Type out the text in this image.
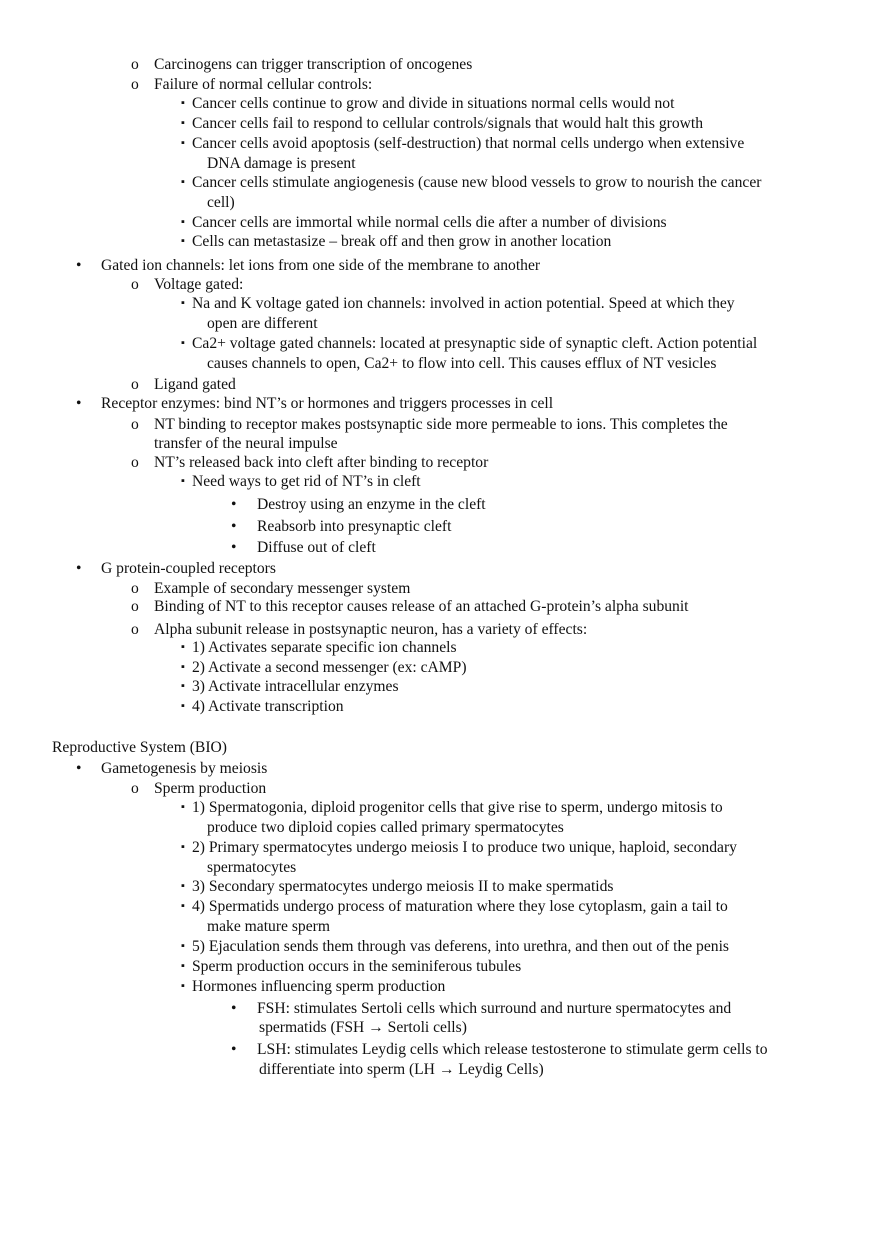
o Carcinogens can trigger transcription of oncogenes
o Failure of normal cellular controls:
▪ Cancer cells continue to grow and divide in situations normal cells would not
▪ Cancer cells fail to respond to cellular controls/signals that would halt this growth
▪ Cancer cells avoid apoptosis (self-destruction) that normal cells undergo when extensive
DNA damage is present
▪ Cancer cells stimulate angiogenesis (cause new blood vessels to grow to nourish the cancer
cell)
▪ Cancer cells are immortal while normal cells die after a number of divisions
▪ Cells can metastasize – break off and then grow in another location
• Gated ion channels: let ions from one side of the membrane to another
o Voltage gated:
▪ Na and K voltage gated ion channels: involved in action potential. Speed at which they
open are different
▪ Ca2+ voltage gated channels: located at presynaptic side of synaptic cleft. Action potential
causes channels to open, Ca2+ to flow into cell. This causes efflux of NT vesicles
o Ligand gated
• Receptor enzymes: bind NT’s or hormones and triggers processes in cell
o NT binding to receptor makes postsynaptic side more permeable to ions. This completes the
transfer of the neural impulse
o NT’s released back into cleft after binding to receptor
▪ Need ways to get rid of NT’s in cleft
• Destroy using an enzyme in the cleft
• Reabsorb into presynaptic cleft
• Diffuse out of cleft
• G protein-coupled receptors
o Example of secondary messenger system
o Binding of NT to this receptor causes release of an attached G-protein’s alpha subunit
o Alpha subunit release in postsynaptic neuron, has a variety of effects:
▪ 1) Activates separate specific ion channels
▪ 2) Activate a second messenger (ex: cAMP)
▪ 3) Activate intracellular enzymes
▪ 4) Activate transcription
Reproductive System (BIO)
• Gametogenesis by meiosis
o Sperm production
▪ 1) Spermatogonia, diploid progenitor cells that give rise to sperm, undergo mitosis to
produce two diploid copies called primary spermatocytes
▪ 2) Primary spermatocytes undergo meiosis I to produce two unique, haploid, secondary
spermatocytes
▪ 3) Secondary spermatocytes undergo meiosis II to make spermatids
▪ 4) Spermatids undergo process of maturation where they lose cytoplasm, gain a tail to
make mature sperm
▪ 5) Ejaculation sends them through vas deferens, into urethra, and then out of the penis
▪ Sperm production occurs in the seminiferous tubules
▪ Hormones influencing sperm production
• FSH: stimulates Sertoli cells which surround and nurture spermatocytes and
spermatids (FSH → Sertoli cells)
• LSH: stimulates Leydig cells which release testosterone to stimulate germ cells to
differentiate into sperm (LH → Leydig Cells)
